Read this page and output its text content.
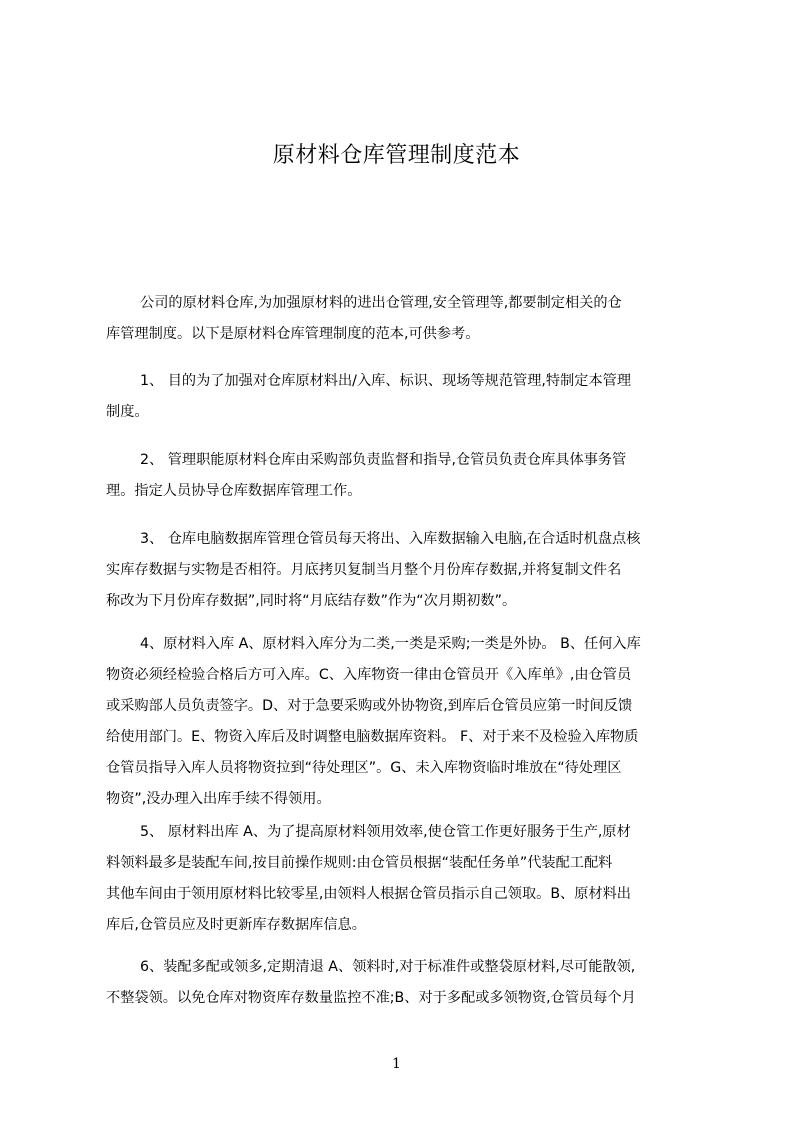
原材料仓库管理制度范本
公司的原材料仓库,为加强原材料的进出仓管理,安全管理等,都要制定相关的仓
库管理制度。以下是原材料仓库管理制度的范本,可供参考。
1、 目的为了加强对仓库原材料出/入库、标识、现场等规范管理,特制定本管理
制度。
2、 管理职能原材料仓库由采购部负责监督和指导,仓管员负责仓库具体事务管
理。指定人员协导仓库数据库管理工作。
3、 仓库电脑数据库管理仓管员每天将出、入库数据输入电脑,在合适时机盘点核
实库存数据与实物是否相符。月底拷贝复制当月整个月份库存数据,并将复制文件名
称改为下月份库存数据”,同时将“月底结存数”作为“次月期初数”。
4、原材料入库 A、原材料入库分为二类,一类是采购;一类是外协。 B、任何入库
物资必须经检验合格后方可入库。C、入库物资一律由仓管员开《入库单》,由仓管员
或采购部人员负责签字。D、对于急要采购或外协物资,到库后仓管员应第一时间反馈
给使用部门。E、物资入库后及时调整电脑数据库资料。 F、对于来不及检验入库物质
仓管员指导入库人员将物资拉到“待处理区”。G、未入库物资临时堆放在“待处理区
物资”,没办理入出库手续不得领用。
5、 原材料出库 A、为了提高原材料领用效率,使仓管工作更好服务于生产,原材
料领料最多是装配车间,按目前操作规则:由仓管员根据“装配任务单”代装配工配料
其他车间由于领用原材料比较零星,由领料人根据仓管员指示自己领取。B、原材料出
库后,仓管员应及时更新库存数据库信息。
6、装配多配或领多,定期清退 A、领料时,对于标准件或整袋原材料,尽可能散领,
不整袋领。以免仓库对物资库存数量监控不准;B、对于多配或多领物资,仓管员每个月
1
